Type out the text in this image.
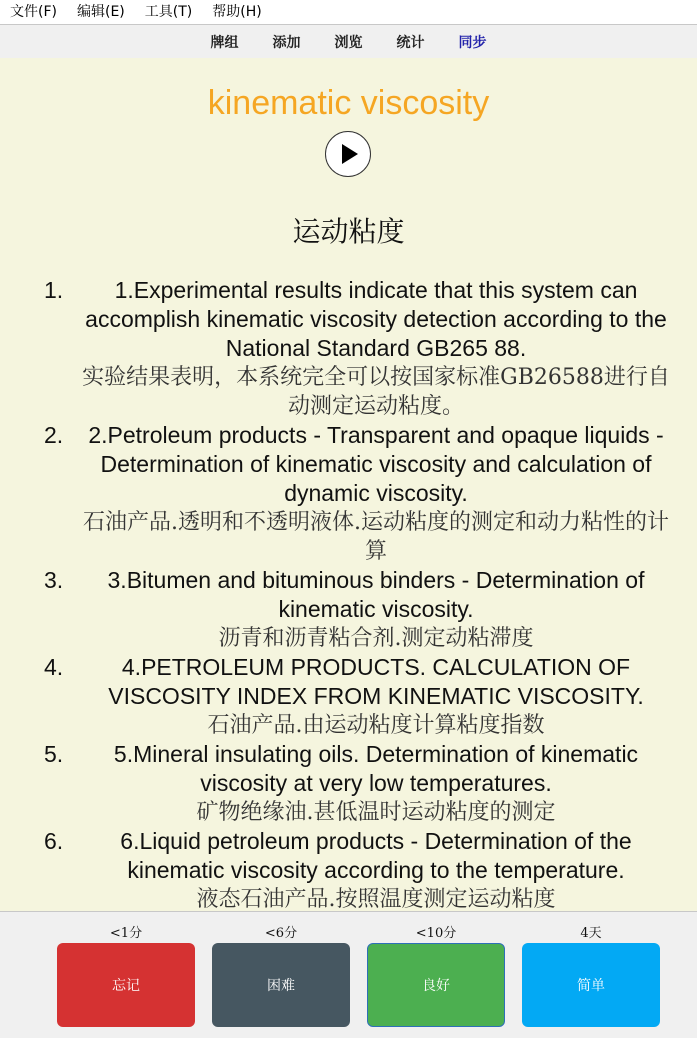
文件(F)	编辑(E)	工具(T)	帮助(H)
牌组 添加 浏览 统计 同步
kinematic viscosity
运动粘度
1.	1.Experimental results indicate that this system can accomplish kinematic viscosity detection according to the National Standard GB265 88.
实验结果表明，本系统完全可以按国家标准GB26588进行自动测定运动粘度。
2.	2.Petroleum products - Transparent and opaque liquids - Determination of kinematic viscosity and calculation of dynamic viscosity.
石油产品.透明和不透明液体.运动粘度的测定和动力粘性的计算
3.	3.Bitumen and bituminous binders - Determination of kinematic viscosity.
沥青和沥青粘合剂.测定动粘滞度
4.	4.PETROLEUM PRODUCTS. CALCULATION OF VISCOSITY INDEX FROM KINEMATIC VISCOSITY.
石油产品.由运动粘度计算粘度指数
5.	5.Mineral insulating oils. Determination of kinematic viscosity at very low temperatures.
矿物绝缘油.甚低温时运动粘度的测定
6.	6.Liquid petroleum products - Determination of the kinematic viscosity according to the temperature.
液态石油产品.按照温度测定运动粘度
<1分
忘记
<6分
困难
<10分
良好
4天
简单
